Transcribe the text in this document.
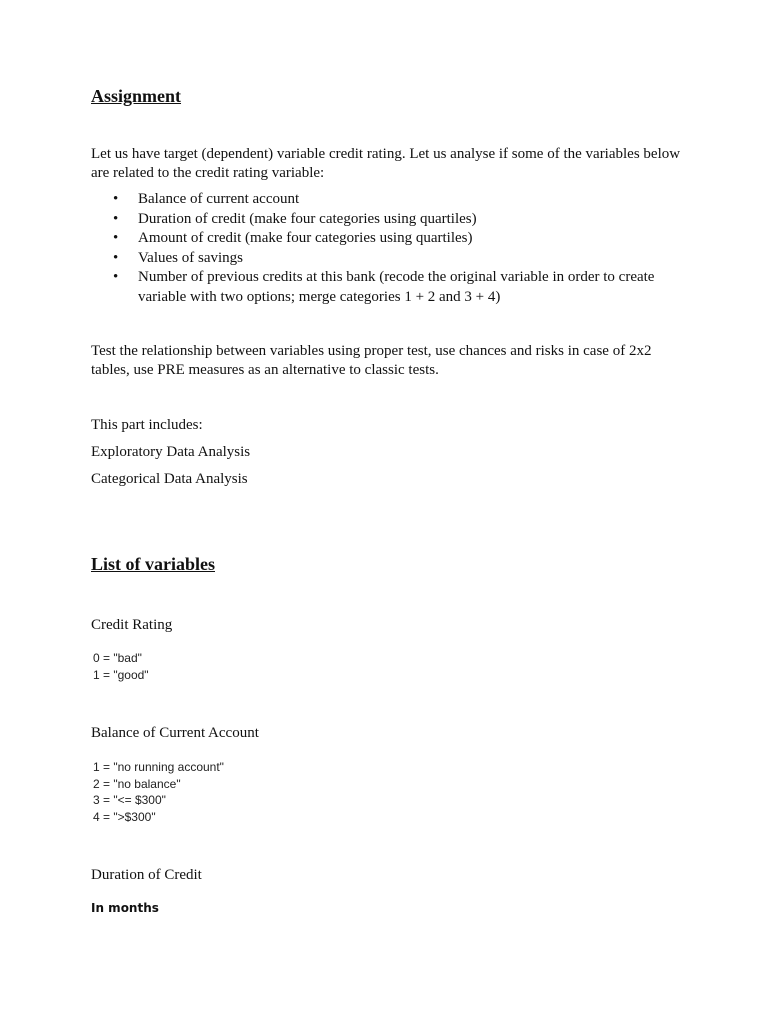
Assignment

Let us have target (dependent) variable credit rating. Let us analyse if some of the variables below are related to the credit rating variable:

• Balance of current account
• Duration of credit (make four categories using quartiles)
• Amount of credit (make four categories using quartiles)
• Values of savings
• Number of previous credits at this bank (recode the original variable in order to create variable with two options; merge categories 1 + 2 and 3 + 4)

Test the relationship between variables using proper test, use chances and risks in case of 2x2 tables, use PRE measures as an alternative to classic tests.

This part includes:

Exploratory Data Analysis

Categorical Data Analysis

List of variables

Credit Rating

0 = "bad"
1 = "good"

Balance of Current Account

1 = "no running account"
2 = "no balance"
3 = "<= $300"
4 = ">$300"

Duration of Credit

In months
